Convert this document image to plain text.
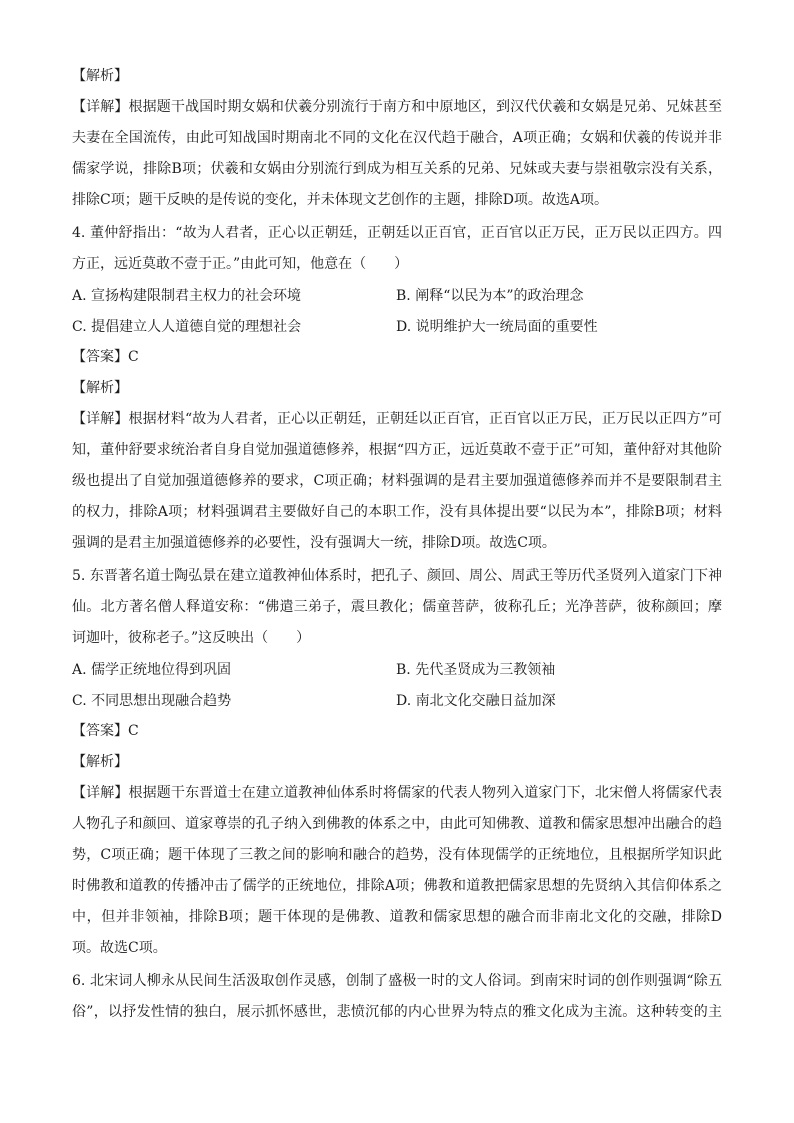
【解析】
【详解】根据题干战国时期女娲和伏羲分别流行于南方和中原地区，到汉代伏羲和女娲是兄弟、兄妹甚至
夫妻在全国流传，由此可知战国时期南北不同的文化在汉代趋于融合，A项正确；女娲和伏羲的传说并非
儒家学说，排除B项；伏羲和女娲由分别流行到成为相互关系的兄弟、兄妹或夫妻与崇祖敬宗没有关系，
排除C项；题干反映的是传说的变化，并未体现文艺创作的主题，排除D项。故选A项。
4. 董仲舒指出：“故为人君者，正心以正朝廷，正朝廷以正百官，正百官以正万民，正万民以正四方。四
方正，远近莫敢不壹于正。”由此可知，他意在（　　）
A. 宣扬构建限制君主权力的社会环境	B. 阐释“以民为本”的政治理念
C. 提倡建立人人道德自觉的理想社会	D. 说明维护大一统局面的重要性
【答案】C
【解析】
【详解】根据材料“故为人君者，正心以正朝廷，正朝廷以正百官，正百官以正万民，正万民以正四方”可
知，董仲舒要求统治者自身自觉加强道德修养，根据“四方正，远近莫敢不壹于正”可知，董仲舒对其他阶
级也提出了自觉加强道德修养的要求，C项正确；材料强调的是君主要加强道德修养而并不是要限制君主
的权力，排除A项；材料强调君主要做好自己的本职工作，没有具体提出要“以民为本”，排除B项；材料
强调的是君主加强道德修养的必要性，没有强调大一统，排除D项。故选C项。
5. 东晋著名道士陶弘景在建立道教神仙体系时，把孔子、颜回、周公、周武王等历代圣贤列入道家门下神
仙。北方著名僧人释道安称：“佛遣三弟子，震旦教化；儒童菩萨，彼称孔丘；光净菩萨，彼称颜回；摩
诃迦叶，彼称老子。”这反映出（　　）
A. 儒学正统地位得到巩固	B. 先代圣贤成为三教领袖
C. 不同思想出现融合趋势	D. 南北文化交融日益加深
【答案】C
【解析】
【详解】根据题干东晋道士在建立道教神仙体系时将儒家的代表人物列入道家门下，北宋僧人将儒家代表
人物孔子和颜回、道家尊崇的孔子纳入到佛教的体系之中，由此可知佛教、道教和儒家思想冲出融合的趋
势，C项正确；题干体现了三教之间的影响和融合的趋势，没有体现儒学的正统地位，且根据所学知识此
时佛教和道教的传播冲击了儒学的正统地位，排除A项；佛教和道教把儒家思想的先贤纳入其信仰体系之
中，但并非领袖，排除B项；题干体现的是佛教、道教和儒家思想的融合而非南北文化的交融，排除D
项。故选C项。
6. 北宋词人柳永从民间生活汲取创作灵感，创制了盛极一时的文人俗词。到南宋时词的创作则强调“除五
俗”，以抒发性情的独白，展示抓怀感世，悲愤沉郁的内心世界为特点的雅文化成为主流。这种转变的主
